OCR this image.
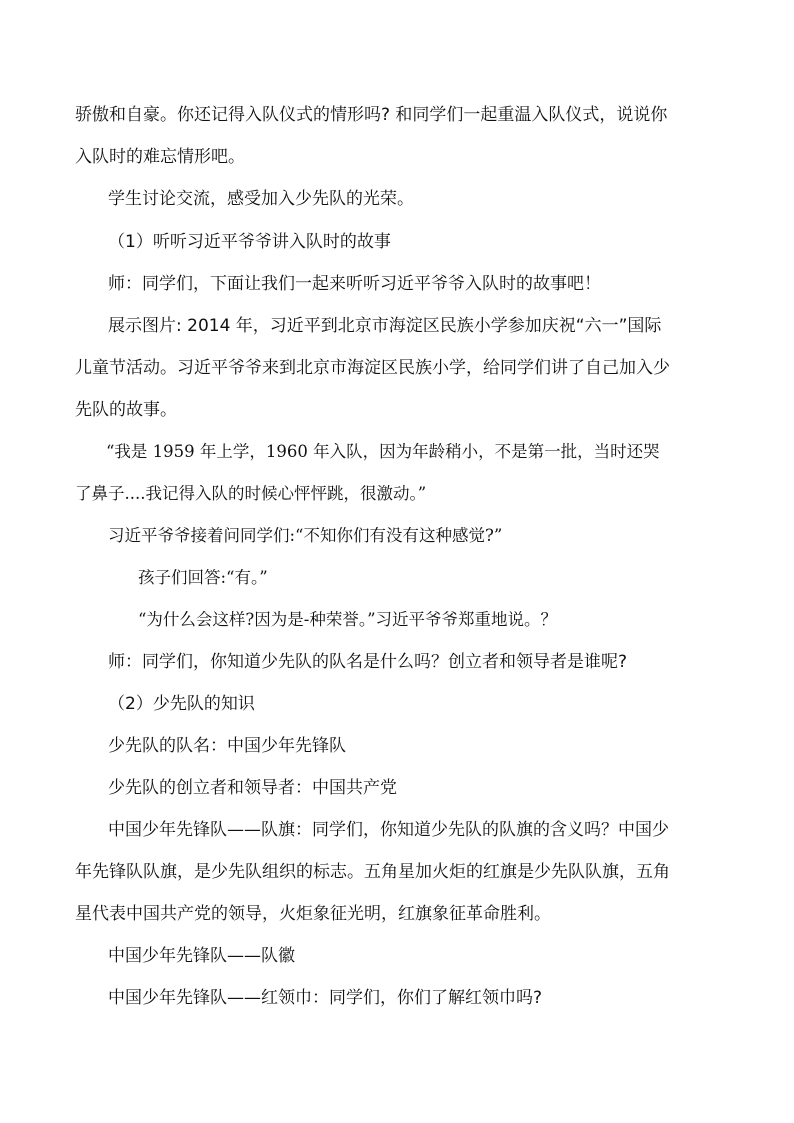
骄傲和自豪。你还记得入队仪式的情形吗? 和同学们一起重温入队仪式，说说你
入队时的难忘情形吧。
学生讨论交流，感受加入少先队的光荣。
（1）听听习近平爷爷讲入队时的故事
师：同学们，下面让我们一起来听听习近平爷爷入队时的故事吧！
展示图片: 2014 年，习近平到北京市海淀区民族小学参加庆祝“六一”国际
儿童节活动。习近平爷爷来到北京市海淀区民族小学，给同学们讲了自己加入少
先队的故事。
“我是 1959 年上学，1960 年入队，因为年龄稍小，不是第一批，当时还哭
了鼻子....我记得入队的时候心怦怦跳，很激动。”
习近平爷爷接着问同学们:“不知你们有没有这种感觉?”
孩子们回答:“有。”
“为什么会这样?因为是-种荣誉。”习近平爷爷郑重地说。？
师：同学们，你知道少先队的队名是什么吗？创立者和领导者是谁呢?
（2）少先队的知识
少先队的队名：中国少年先锋队
少先队的创立者和领导者：中国共产党
中国少年先锋队——队旗：同学们，你知道少先队的队旗的含义吗？中国少
年先锋队队旗，是少先队组织的标志。五角星加火炬的红旗是少先队队旗，五角
星代表中国共产党的领导，火炬象征光明，红旗象征革命胜利。
中国少年先锋队——队徽
中国少年先锋队——红领巾：同学们，你们了解红领巾吗?
